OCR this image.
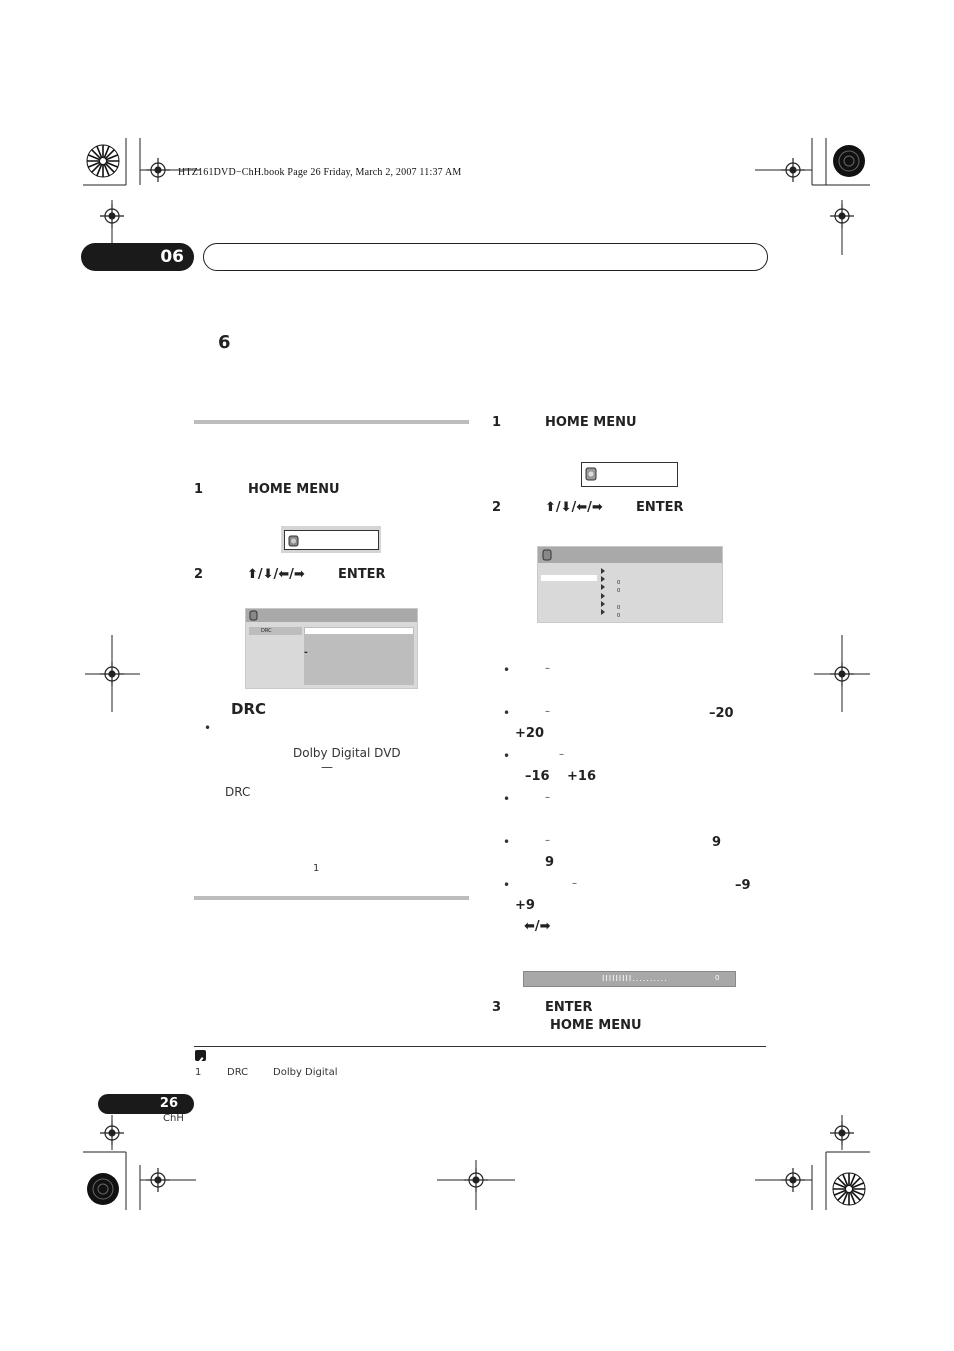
HTZ161DVD−ChH.book Page 26 Friday, March 2, 2007 11:37 AM
06
6
1	HOME MENU
2	⬆/⬇/⬅/➡	ENTER
DRC
-
DRC
•
Dolby Digital DVD
—
DRC
1
1	HOME MENU
2	⬆/⬇/⬅/➡	ENTER
0
0
0
0
•	–
•	–	–20
+20
•	–
–16 +16
•	–
•	–	9
9
•	–	–9
+9
⬅/➡
IIIIIIIII..........	0
3	ENTER
HOME MENU
1	DRC Dolby Digital
26
ChH
